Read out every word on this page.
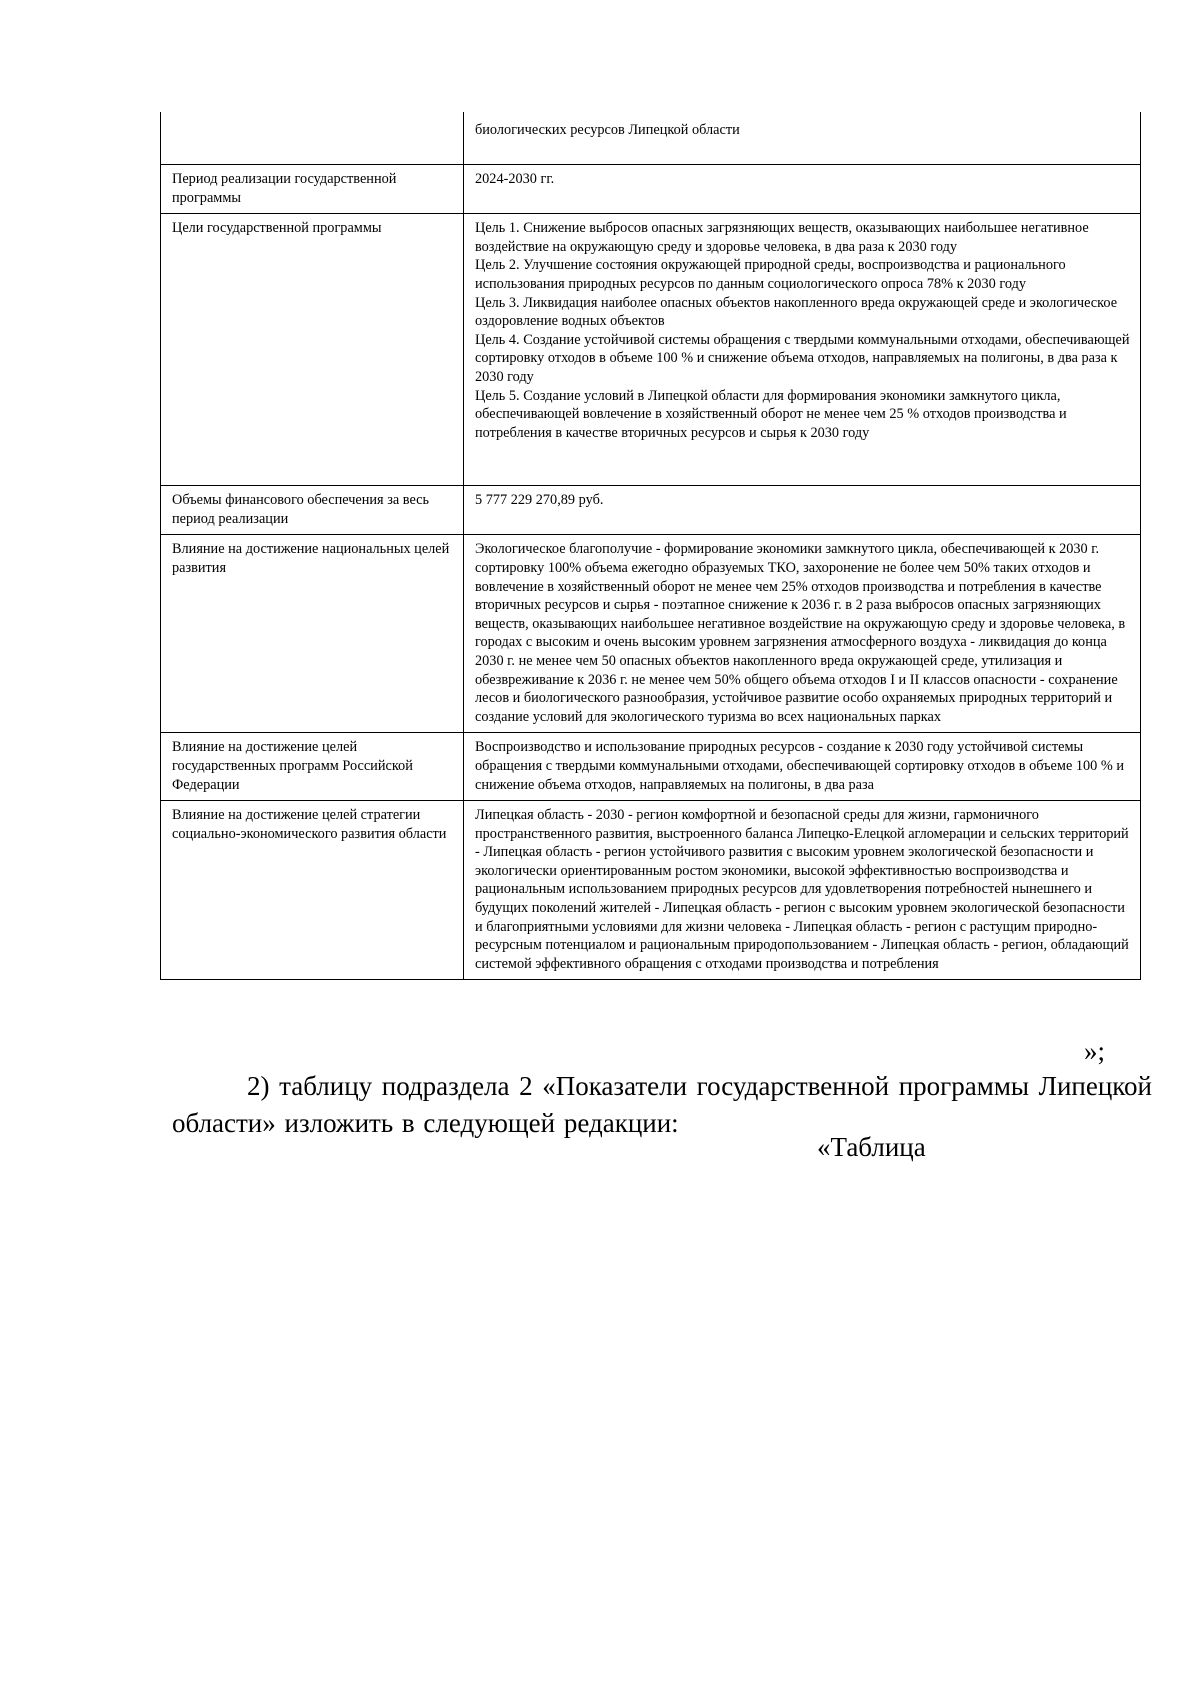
	биологических ресурсов Липецкой области
Период реализации государственной программы	2024-2030 гг.
Цели государственной программы	Цель 1. Снижение выбросов опасных загрязняющих веществ, оказывающих наибольшее негативное воздействие на окружающую среду и здоровье человека, в два раза к 2030 году
Цель 2. Улучшение состояния окружающей природной среды, воспроизводства и рационального использования природных ресурсов по данным социологического опроса 78% к 2030 году
Цель 3. Ликвидация наиболее опасных объектов накопленного вреда окружающей среде и экологическое оздоровление водных объектов
Цель 4. Создание устойчивой системы обращения с твердыми коммунальными отходами, обеспечивающей сортировку отходов в объеме 100 % и снижение объема отходов, направляемых на полигоны, в два раза к 2030 году
Цель 5. Создание условий в Липецкой области для формирования экономики замкнутого цикла, обеспечивающей вовлечение в хозяйственный оборот не менее чем 25 % отходов производства и потребления в качестве вторичных ресурсов и сырья к 2030 году
Объемы финансового обеспечения за весь период реализации	5 777 229 270,89 руб.
Влияние на достижение национальных целей развития	Экологическое благополучие - формирование экономики замкнутого цикла, обеспечивающей к 2030 г. сортировку 100% объема ежегодно образуемых ТКО, захоронение не более чем 50% таких отходов и вовлечение в хозяйственный оборот не менее чем 25% отходов производства и потребления в качестве вторичных ресурсов и сырья - поэтапное снижение к 2036 г. в 2 раза выбросов опасных загрязняющих веществ, оказывающих наибольшее негативное воздействие на окружающую среду и здоровье человека, в городах с высоким и очень высоким уровнем загрязнения атмосферного воздуха - ликвидация до конца 2030 г. не менее чем 50 опасных объектов накопленного вреда окружающей среде, утилизация и обезвреживание к 2036 г. не менее чем 50% общего объема отходов I и II классов опасности - сохранение лесов и биологического разнообразия, устойчивое развитие особо охраняемых природных территорий и создание условий для экологического туризма во всех национальных парках
Влияние на достижение целей государственных программ Российской Федерации	Воспроизводство и использование природных ресурсов - создание к 2030 году устойчивой системы обращения с твердыми коммунальными отходами, обеспечивающей сортировку отходов в объеме 100 % и снижение объема отходов, направляемых на полигоны, в два раза
Влияние на достижение целей стратегии социально-экономического развития области	Липецкая область - 2030 - регион комфортной и безопасной среды для жизни, гармоничного пространственного развития, выстроенного баланса Липецко-Елецкой агломерации и сельских территорий - Липецкая область - регион устойчивого развития с высоким уровнем экологической безопасности и экологически ориентированным ростом экономики, высокой эффективностью воспроизводства и рациональным использованием природных ресурсов для удовлетворения потребностей нынешнего и будущих поколений жителей - Липецкая область - регион с высоким уровнем экологической безопасности и благоприятными условиями для жизни человека - Липецкая область - регион с растущим природно-ресурсным потенциалом и рациональным природопользованием - Липецкая область - регион, обладающий системой эффективного обращения с отходами производства и потребления
»;
2) таблицу подраздела 2 «Показатели государственной программы Липецкой области» изложить в следующей редакции:
«Таблица
